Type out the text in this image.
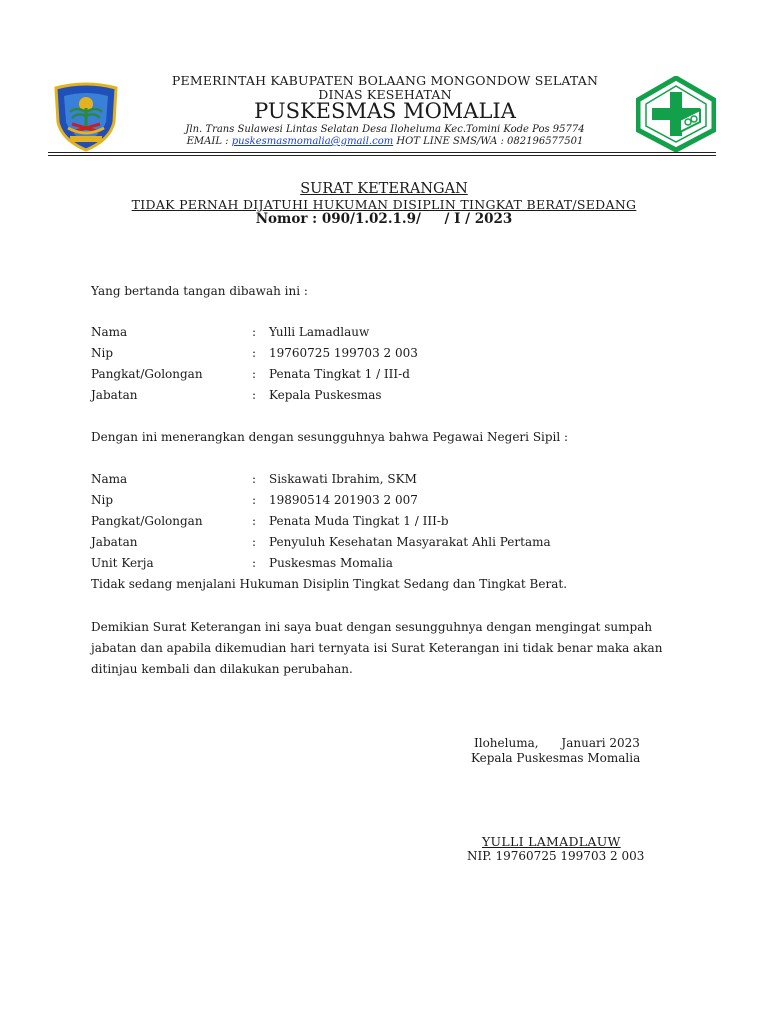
PEMERINTAH KABUPATEN BOLAANG MONGONDOW SELATAN
DINAS KESEHATAN
PUSKESMAS MOMALIA
Jln. Trans Sulawesi Lintas Selatan Desa Iloheluma Kec.Tomini Kode Pos 95774
EMAIL : puskesmasmomalia@gmail.com HOT LINE SMS/WA : 082196577501
SURAT KETERANGAN
TIDAK PERNAH DIJATUHI HUKUMAN DISIPLIN TINGKAT BERAT/SEDANG
Nomor : 090/1.02.1.9/     / I / 2023
Yang bertanda tangan dibawah ini :
Nama	: Yulli Lamadlauw
Nip	: 19760725 199703 2 003
Pangkat/Golongan	: Penata Tingkat 1 / III-d
Jabatan	: Kepala Puskesmas
Dengan ini menerangkan dengan sesungguhnya bahwa Pegawai Negeri Sipil :
Nama	: Siskawati Ibrahim, SKM
Nip	: 19890514 201903 2 007
Pangkat/Golongan	: Penata Muda Tingkat 1 / III-b
Jabatan	: Penyuluh Kesehatan Masyarakat Ahli Pertama
Unit Kerja	: Puskesmas Momalia
Tidak sedang menjalani Hukuman Disiplin Tingkat Sedang dan Tingkat Berat.
Demikian Surat Keterangan ini saya buat dengan sesungguhnya dengan mengingat sumpah
jabatan dan apabila dikemudian hari ternyata isi Surat Keterangan ini tidak benar maka akan
ditinjau kembali dan dilakukan perubahan.
Iloheluma,      Januari 2023
Kepala Puskesmas Momalia
YULLI LAMADLAUW
NIP. 19760725 199703 2 003
